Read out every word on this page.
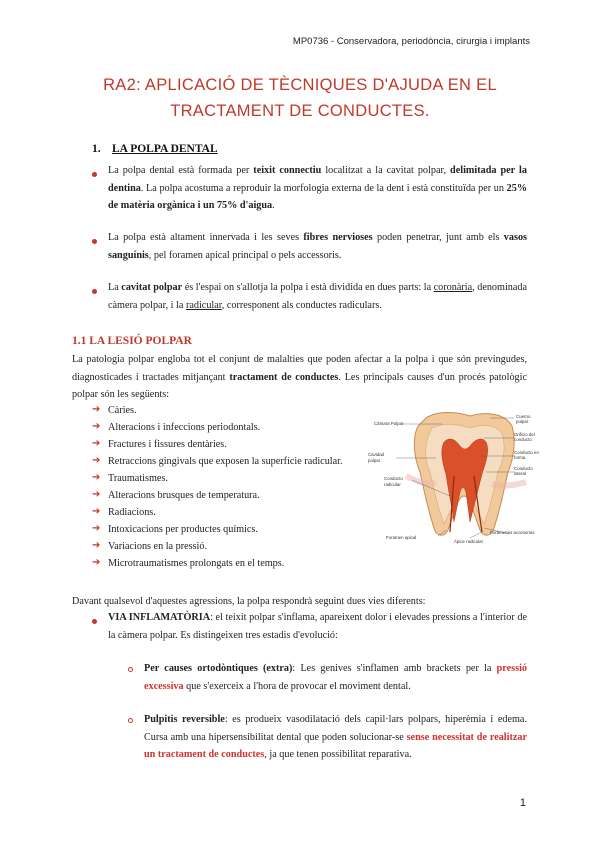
MP0736 - Conservadora, periodòncia, cirurgia i implants
RA2: APLICACIÓ DE TÈCNIQUES D'AJUDA EN EL
TRACTAMENT DE CONDUCTES.
1. LA POLPA DENTAL
La polpa dental està formada per teixit connectiu localitzat a la cavitat polpar, delimitada per la dentina. La polpa acostuma a reproduir la morfologia externa de la dent i està constituïda per un 25% de matèria orgànica i un 75% d'aigua.
La polpa està altament innervada i les seves fibres nervioses poden penetrar, junt amb els vasos sanguínis, pel foramen apical principal o pels accessoris.
La cavitat polpar és l'espai on s'allotja la polpa i està dividida en dues parts: la coronària, denominada càmera polpar, i la radicular, corresponent als conductes radiculars.
1.1 LA LESIÓ POLPAR
La patologia polpar engloba tot el conjunt de malalties que poden afectar a la polpa i que són previngudes, diagnosticades i tractades mitjançant tractament de conductes. Les principals causes d'un procés patològic polpar són les següents:
➔ Càries.
➔ Alteracions i infeccions periodontals.
➔ Fractures i fissures dentàries.
➔ Retraccions gingivals que exposen la superfície radicular.
➔ Traumatismes.
➔ Alteracions brusques de temperatura.
➔ Radiacions.
➔ Intoxicacions per productes químics.
➔ Variacions en la pressió.
➔ Microtraumatismes prolongats en el temps.
Cámara Pulpar
Cavidad
pulpar
Conducto
radicular
Foramen apical
Cuerno
pulpar
Orificio del
conducto
Conducto en
forma
Conducto
lateral
Forámenes accesorios
Ápice radicular
Davant qualsevol d'aquestes agressions, la polpa respondrà seguint dues vies diferents:
VIA INFLAMATÒRIA: el teixit polpar s'inflama, apareixent dolor i elevades pressions a l'interior de la càmera polpar. Es distingeixen tres estadis d'evolució:
Per causes ortodòntiques (extra): Les genives s'inflamen amb brackets per la pressió excessiva que s'exerceix a l'hora de provocar el moviment dental.
Pulpitis reversible: es produeix vasodilatació dels capil·lars polpars, hiperèmia i edema. Cursa amb una hipersensibilitat dental que poden solucionar-se sense necessitat de realitzar un tractament de conductes, ja que tenen possibilitat reparativa.
1
